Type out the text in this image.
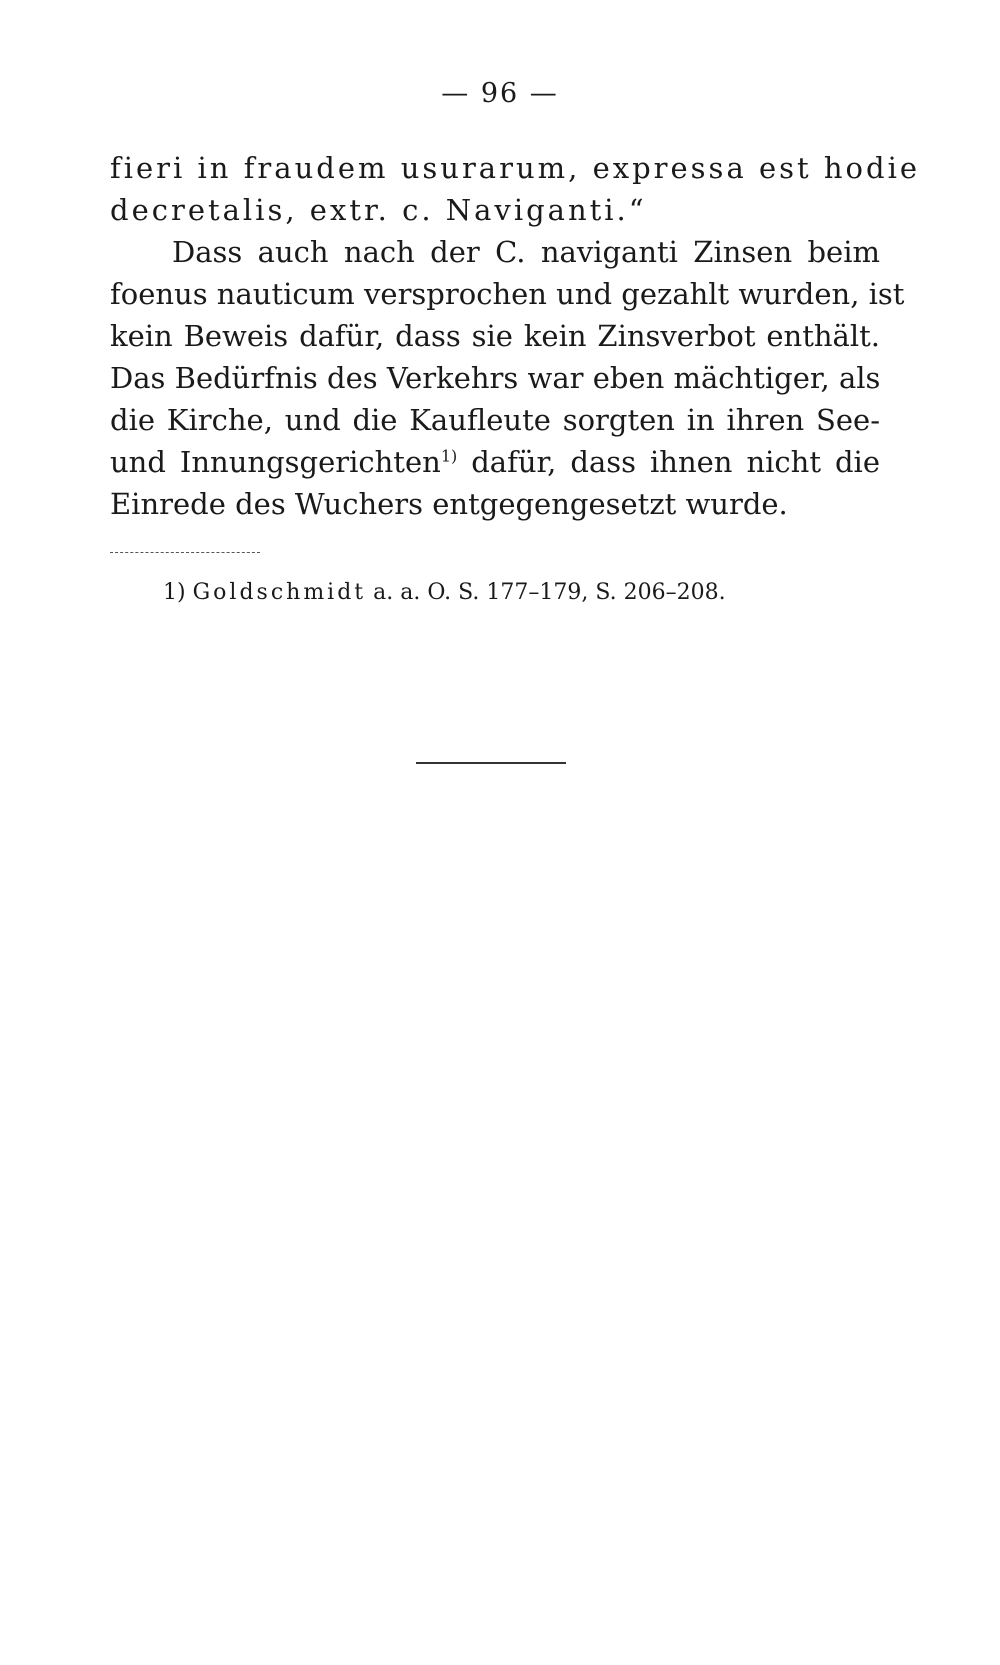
— 96 —
fieri in fraudem usurarum, expressa est hodie
decretalis, extr. c. Naviganti.“
Dass auch nach der C. naviganti Zinsen beim
foenus nauticum versprochen und gezahlt wurden, ist
kein Beweis dafür, dass sie kein Zinsverbot enthält.
Das Bedürfnis des Verkehrs war eben mächtiger, als
die Kirche, und die Kaufleute sorgten in ihren See-
und Innungsgerichten$^{1)}$ dafür, dass ihnen nicht die
Einrede des Wuchers entgegengesetzt wurde.
1) Goldschmidt a. a. O. S. 177–179, S. 206–208.
